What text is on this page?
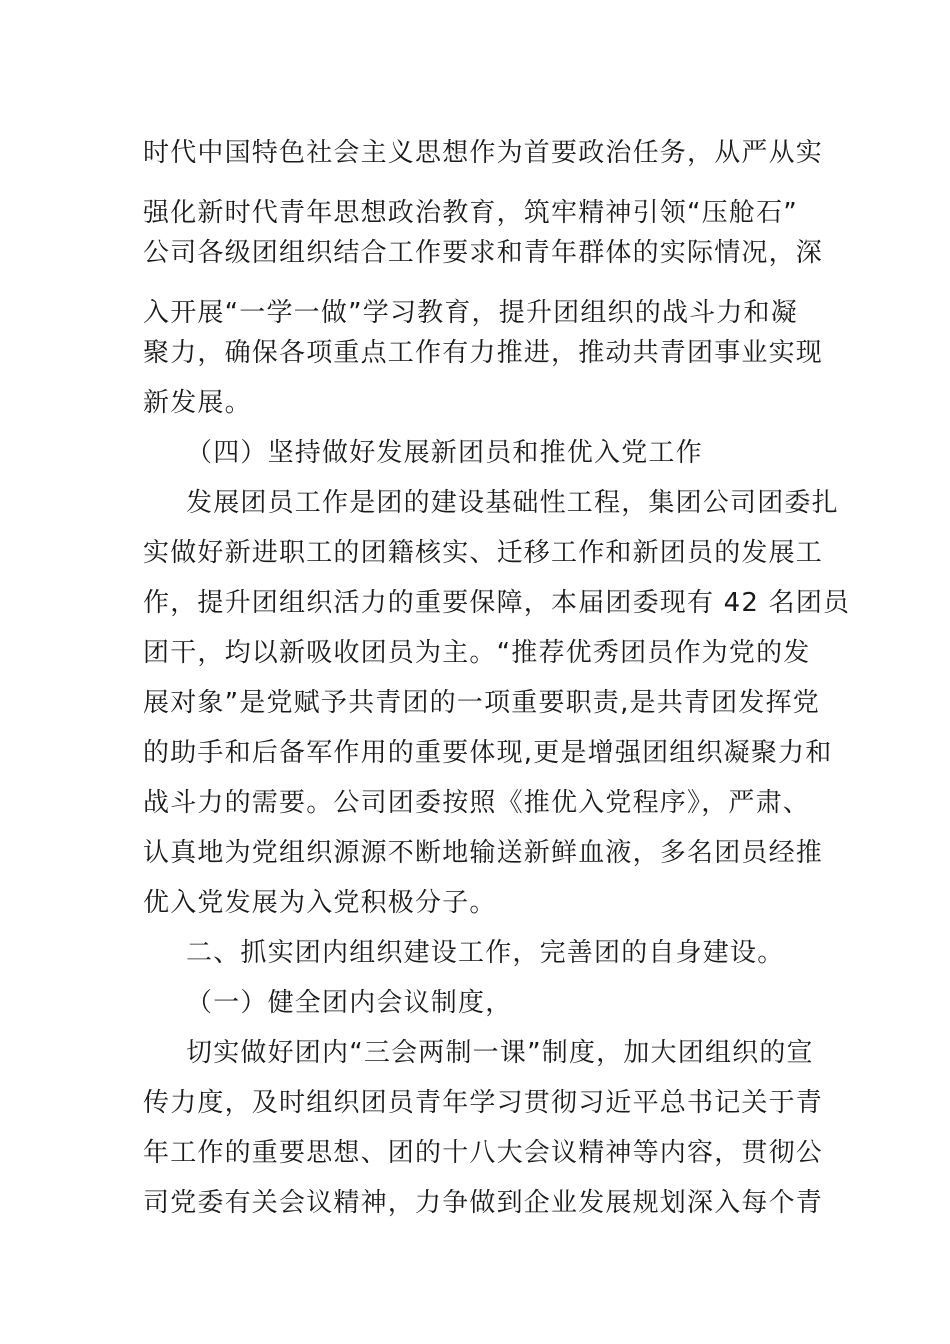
时代中国特色社会主义思想作为首要政治任务，从严从实
强化新时代青年思想政治教育，筑牢精神引领“压舱石”
公司各级团组织结合工作要求和青年群体的实际情况，深
入开展“一学一做”学习教育，提升团组织的战斗力和凝
聚力，确保各项重点工作有力推进，推动共青团事业实现
新发展。
（四）坚持做好发展新团员和推优入党工作
发展团员工作是团的建设基础性工程，集团公司团委扎
实做好新进职工的团籍核实、迁移工作和新团员的发展工
作，提升团组织活力的重要保障，本届团委现有 42 名团员
团干，均以新吸收团员为主。“推荐优秀团员作为党的发
展对象”是党赋予共青团的一项重要职责,是共青团发挥党
的助手和后备军作用的重要体现,更是增强团组织凝聚力和
战斗力的需要。公司团委按照《推优入党程序》，严肃、
认真地为党组织源源不断地输送新鲜血液，多名团员经推
优入党发展为入党积极分子。
二、抓实团内组织建设工作，完善团的自身建设。
（一）健全团内会议制度，
切实做好团内“三会两制一课”制度，加大团组织的宣
传力度，及时组织团员青年学习贯彻习近平总书记关于青
年工作的重要思想、团的十八大会议精神等内容，贯彻公
司党委有关会议精神，力争做到企业发展规划深入每个青
